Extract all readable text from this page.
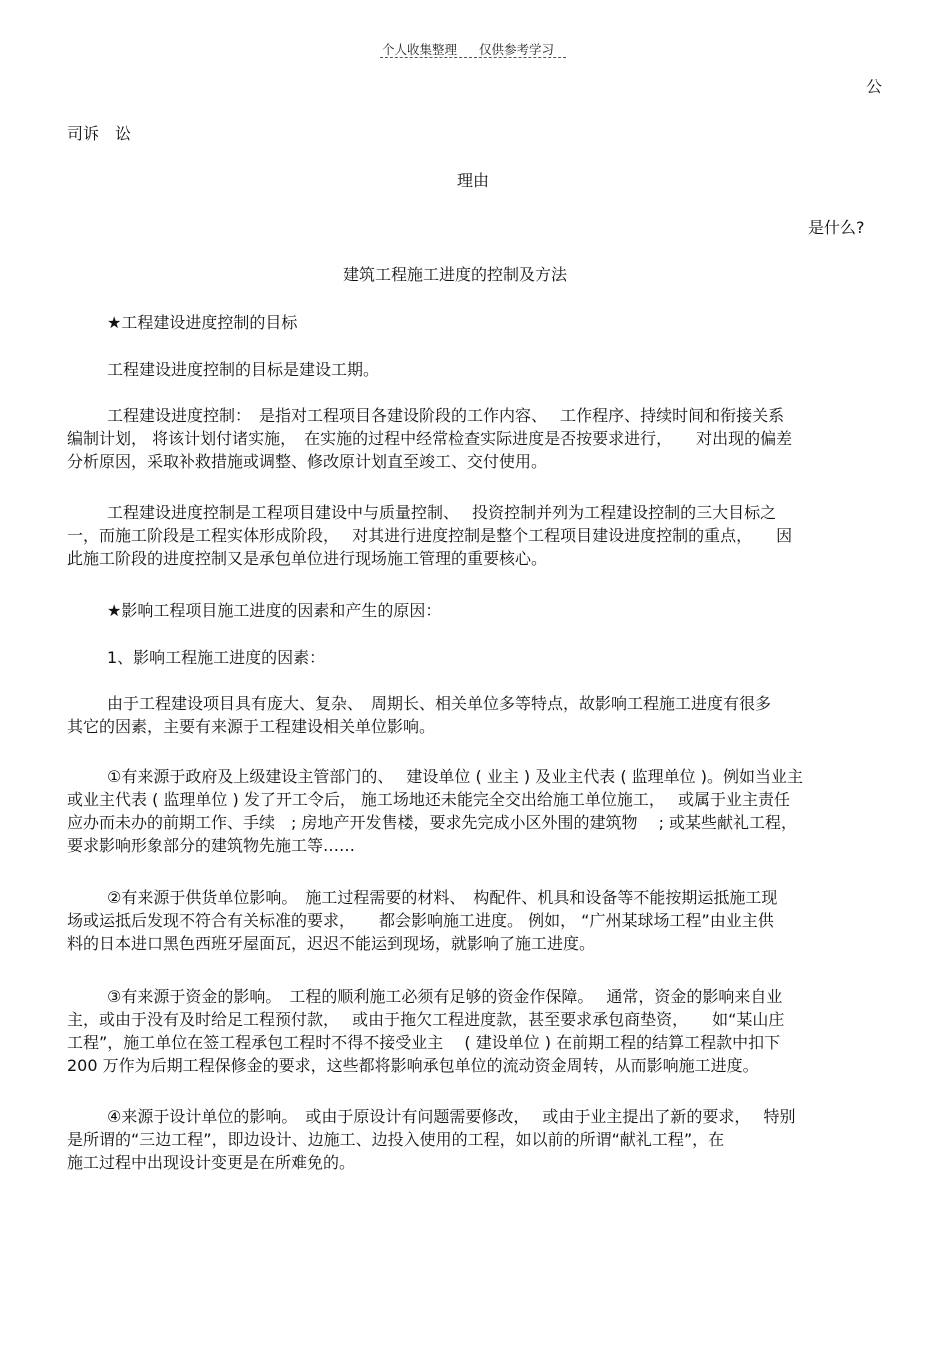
个人收集整理 仅供参考学习
公
司诉　讼
理由
是什么?
建筑工程施工进度的控制及方法
★工程建设进度控制的目标
工程建设进度控制的目标是建设工期。
工程建设进度控制：　是指对工程项目各建设阶段的工作内容、　 工作程序、持续时间和衔接关系
编制计划， 将该计划付诸实施，　在实施的过程中经常检查实际进度是否按要求进行，　　对出现的偏差
分析原因，采取补救措施或调整、修改原计划直至竣工、交付使用。
工程建设进度控制是工程项目建设中与质量控制、　 投资控制并列为工程建设控制的三大目标之
一，而施工阶段是工程实体形成阶段，　 对其进行进度控制是整个工程项目建设进度控制的重点，　　因
此施工阶段的进度控制又是承包单位进行现场施工管理的重要核心。
★影响工程项目施工进度的因素和产生的原因：
1、影响工程施工进度的因素：
由于工程建设项目具有庞大、复杂、　周期长、相关单位多等特点，故影响工程施工进度有很多
其它的因素，主要有来源于工程建设相关单位影响。
①有来源于政府及上级建设主管部门的、　 建设单位 ( 业主 ) 及业主代表 ( 监理单位 )。例如当业主
或业主代表 ( 监理单位 ) 发了开工令后， 施工场地还未能完全交出给施工单位施工，　 或属于业主责任
应办而未办的前期工作、手续　; 房地产开发售楼，要求先完成小区外围的建筑物　 ; 或某些献礼工程，
要求影响形象部分的建筑物先施工等……
②有来源于供货单位影响。　施工过程需要的材料、　构配件、机具和设备等不能按期运抵施工现
场或运抵后发现不符合有关标准的要求，　　都会影响施工进度。 例如， “广州某球场工程”由业主供
料的日本进口黑色西班牙屋面瓦，迟迟不能运到现场，就影响了施工进度。
③有来源于资金的影响。　工程的顺利施工必须有足够的资金作保障。　 通常，资金的影响来自业
主，或由于没有及时给足工程预付款，　 或由于拖欠工程进度款，甚至要求承包商垫资，　　如“某山庄
工程”，施工单位在签工程承包工程时不得不接受业主　 ( 建设单位 ) 在前期工程的结算工程款中扣下
200 万作为后期工程保修金的要求，这些都将影响承包单位的流动资金周转，从而影响施工进度。
④来源于设计单位的影响。　或由于原设计有问题需要修改，　 或由于业主提出了新的要求，　 特别
是所谓的“三边工程”，即边设计、边施工、边投入使用的工程，如以前的所谓“献礼工程”，在
施工过程中出现设计变更是在所难免的。
